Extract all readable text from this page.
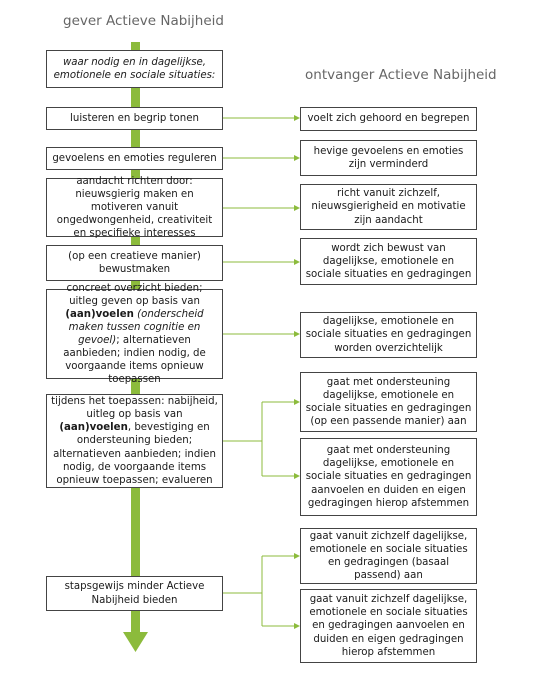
gever Actieve Nabijheid
ontvanger Actieve Nabijheid
waar nodig en in dagelijkse,
emotionele en sociale situaties:
luisteren en begrip tonen
gevoelens en emoties reguleren
aandacht richten door: nieuwsgierig maken en motiveren vanuit ongedwongenheid, creativiteit en specifieke interesses
(op een creatieve manier) bewustmaken
concreet overzicht bieden; uitleg geven op basis van (aan)voelen (onderscheid maken tussen cognitie en gevoel); alternatieven aanbieden; indien nodig, de voorgaande items opnieuw toepassen
tijdens het toepassen: nabijheid, uitleg op basis van (aan)voelen, bevestiging en ondersteuning bieden; alternatieven aanbieden; indien nodig, de voorgaande items opnieuw toepassen; evalueren
stapsgewijs minder Actieve Nabijheid bieden
voelt zich gehoord en begrepen
hevige gevoelens en emoties zijn verminderd
richt vanuit zichzelf, nieuwsgierigheid en motivatie zijn aandacht
wordt zich bewust van dagelijkse, emotionele en sociale situaties en gedragingen
dagelijkse, emotionele en sociale situaties en gedragingen worden overzichtelijk
gaat met ondersteuning dagelijkse, emotionele en sociale situaties en gedragingen (op een passende manier) aan
gaat met ondersteuning dagelijkse, emotionele en sociale situaties en gedragingen
aanvoelen en duiden en eigen gedragingen hierop afstemmen
gaat vanuit zichzelf dagelijkse, emotionele en sociale situaties en gedragingen (basaal passend) aan
gaat vanuit zichzelf dagelijkse, emotionele en sociale situaties en gedragingen aanvoelen en duiden en eigen gedragingen hierop afstemmen
